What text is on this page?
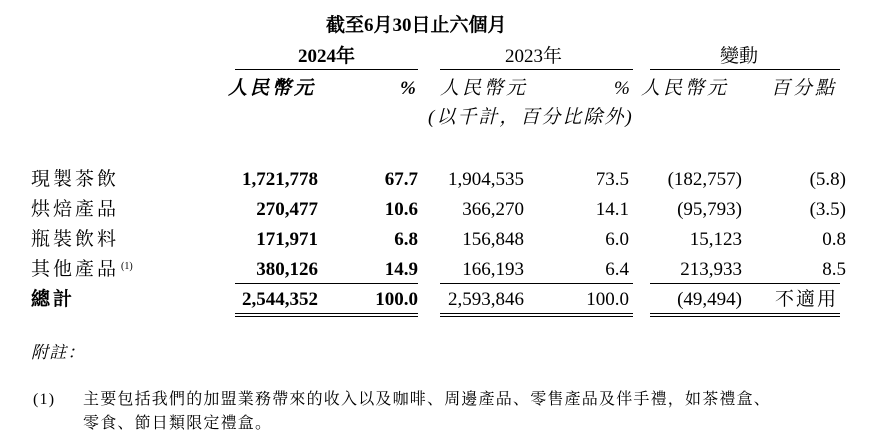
截至6月30日止六個月
2024年	2023年	變動
人民幣元	% 人民幣元	% 人民幣元 百分點
(以千計，百分比除外)
現製茶飲	1,721,778	67.7	1,904,535	73.5	(182,757)	(5.8)
烘焙產品	270,477	10.6	366,270	14.1	(95,793)	(3.5)
瓶裝飲料	171,971	6.8	156,848	6.0	15,123	0.8
其他產品 $^{(1)}$	380,126	14.9	166,193	6.4	213,933	8.5
總計	2,544,352	100.0	2,593,846	100.0	(49,494)	不適用
附註：
(1) 主要包括我們的加盟業務帶來的收入以及咖啡、周邊產品、零售產品及伴手禮，如茶禮盒、
零食、節日類限定禮盒。
